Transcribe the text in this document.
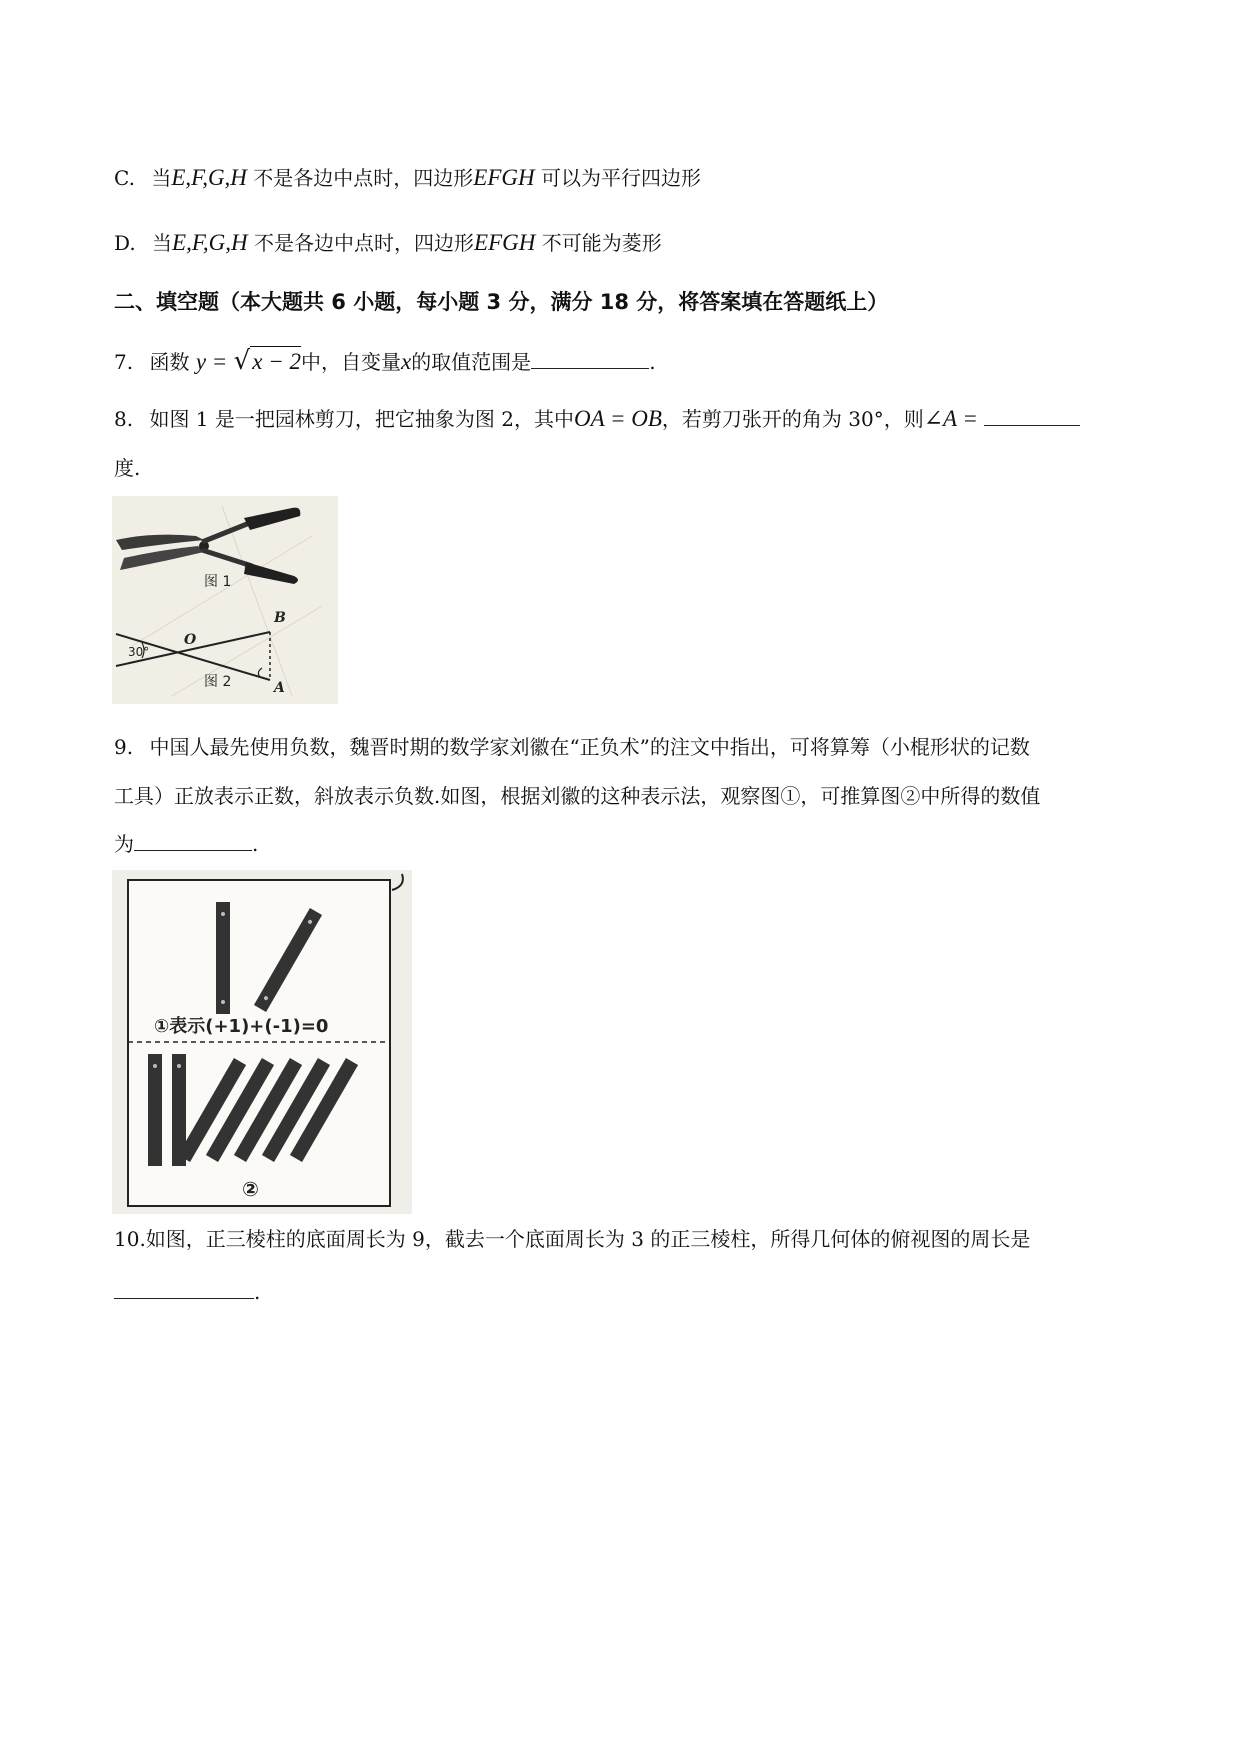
C. 当E,F,G,H 不是各边中点时，四边形EFGH 可以为平行四边形
D. 当E,F,G,H 不是各边中点时，四边形EFGH 不可能为菱形
二、填空题（本大题共 6 小题，每小题 3 分，满分 18 分，将答案填在答题纸上）
7. 函数 y = √x − 2中，自变量x的取值范围是	.
8. 如图 1 是一把园林剪刀，把它抽象为图 2，其中OA = OB，若剪刀张开的角为 30°，则∠A =
度.
图 1
30°
O
B
A
图 2
9. 中国人最先使用负数，魏晋时期的数学家刘徽在“正负术”的注文中指出，可将算筹（小棍形状的记数
工具）正放表示正数，斜放表示负数.如图，根据刘徽的这种表示法，观察图①，可推算图②中所得的数值
为	.
①表示(+1)+(-1)=0
②
10.如图，正三棱柱的底面周长为 9，截去一个底面周长为 3 的正三棱柱，所得几何体的俯视图的周长是
.
